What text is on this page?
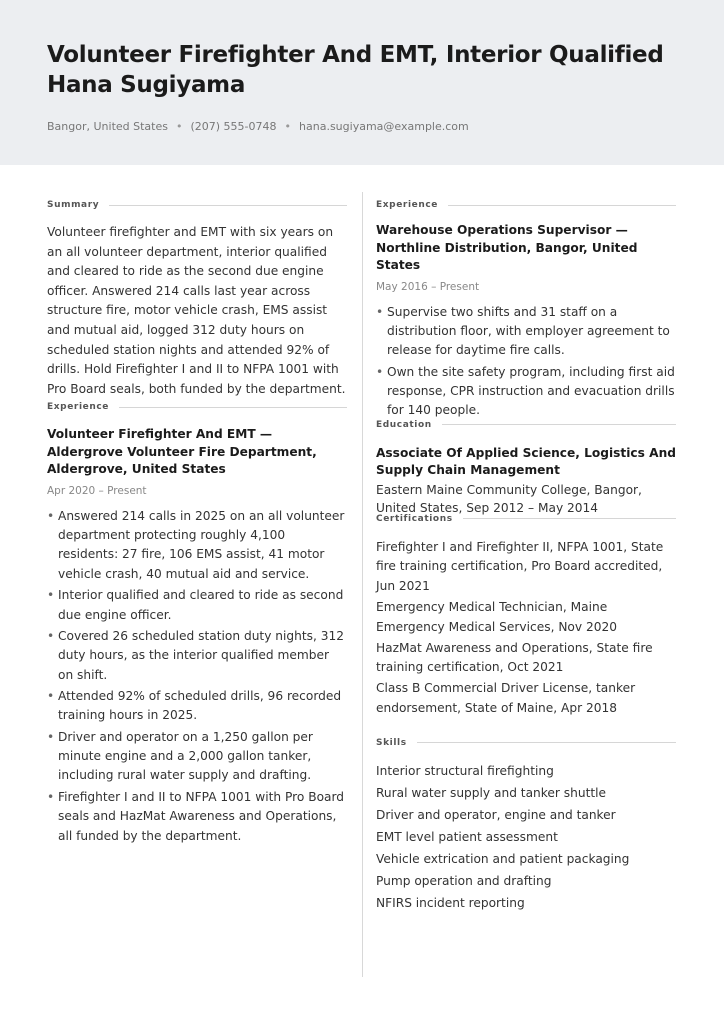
Volunteer Firefighter And EMT, Interior Qualified
Hana Sugiyama
Bangor, United States • (207) 555-0748 • hana.sugiyama@example.com
Summary

Volunteer firefighter and EMT with six years on an all volunteer department, interior qualified and cleared to ride as the second due engine officer. Answered 214 calls last year across structure fire, motor vehicle crash, EMS assist and mutual aid, logged 312 duty hours on scheduled station nights and attended 92% of drills. Hold Firefighter I and II to NFPA 1001 with Pro Board seals, both funded by the department.

Experience
Volunteer Firefighter And EMT — Aldergrove Volunteer Fire Department, Aldergrove, United States
Apr 2020 – Present
• Answered 214 calls in 2025 on an all volunteer department protecting roughly 4,100 residents: 27 fire, 106 EMS assist, 41 motor vehicle crash, 40 mutual aid and service.
• Interior qualified and cleared to ride as second due engine officer.
• Covered 26 scheduled station duty nights, 312 duty hours, as the interior qualified member on shift.
• Attended 92% of scheduled drills, 96 recorded training hours in 2025.
• Driver and operator on a 1,250 gallon per minute engine and a 2,000 gallon tanker, including rural water supply and drafting.
• Firefighter I and II to NFPA 1001 with Pro Board seals and HazMat Awareness and Operations, all funded by the department.
Experience
Warehouse Operations Supervisor — Northline Distribution, Bangor, United States
May 2016 – Present
• Supervise two shifts and 31 staff on a distribution floor, with employer agreement to release for daytime fire calls.
• Own the site safety program, including first aid response, CPR instruction and evacuation drills for 140 people.
Education
Associate Of Applied Science, Logistics And Supply Chain Management
Eastern Maine Community College, Bangor, United States, Sep 2012 – May 2014
Certifications
Firefighter I and Firefighter II, NFPA 1001, State fire training certification, Pro Board accredited, Jun 2021
Emergency Medical Technician, Maine Emergency Medical Services, Nov 2020
HazMat Awareness and Operations, State fire training certification, Oct 2021
Class B Commercial Driver License, tanker endorsement, State of Maine, Apr 2018
Skills
Interior structural firefighting
Rural water supply and tanker shuttle
Driver and operator, engine and tanker
EMT level patient assessment
Vehicle extrication and patient packaging
Pump operation and drafting
NFIRS incident reporting
